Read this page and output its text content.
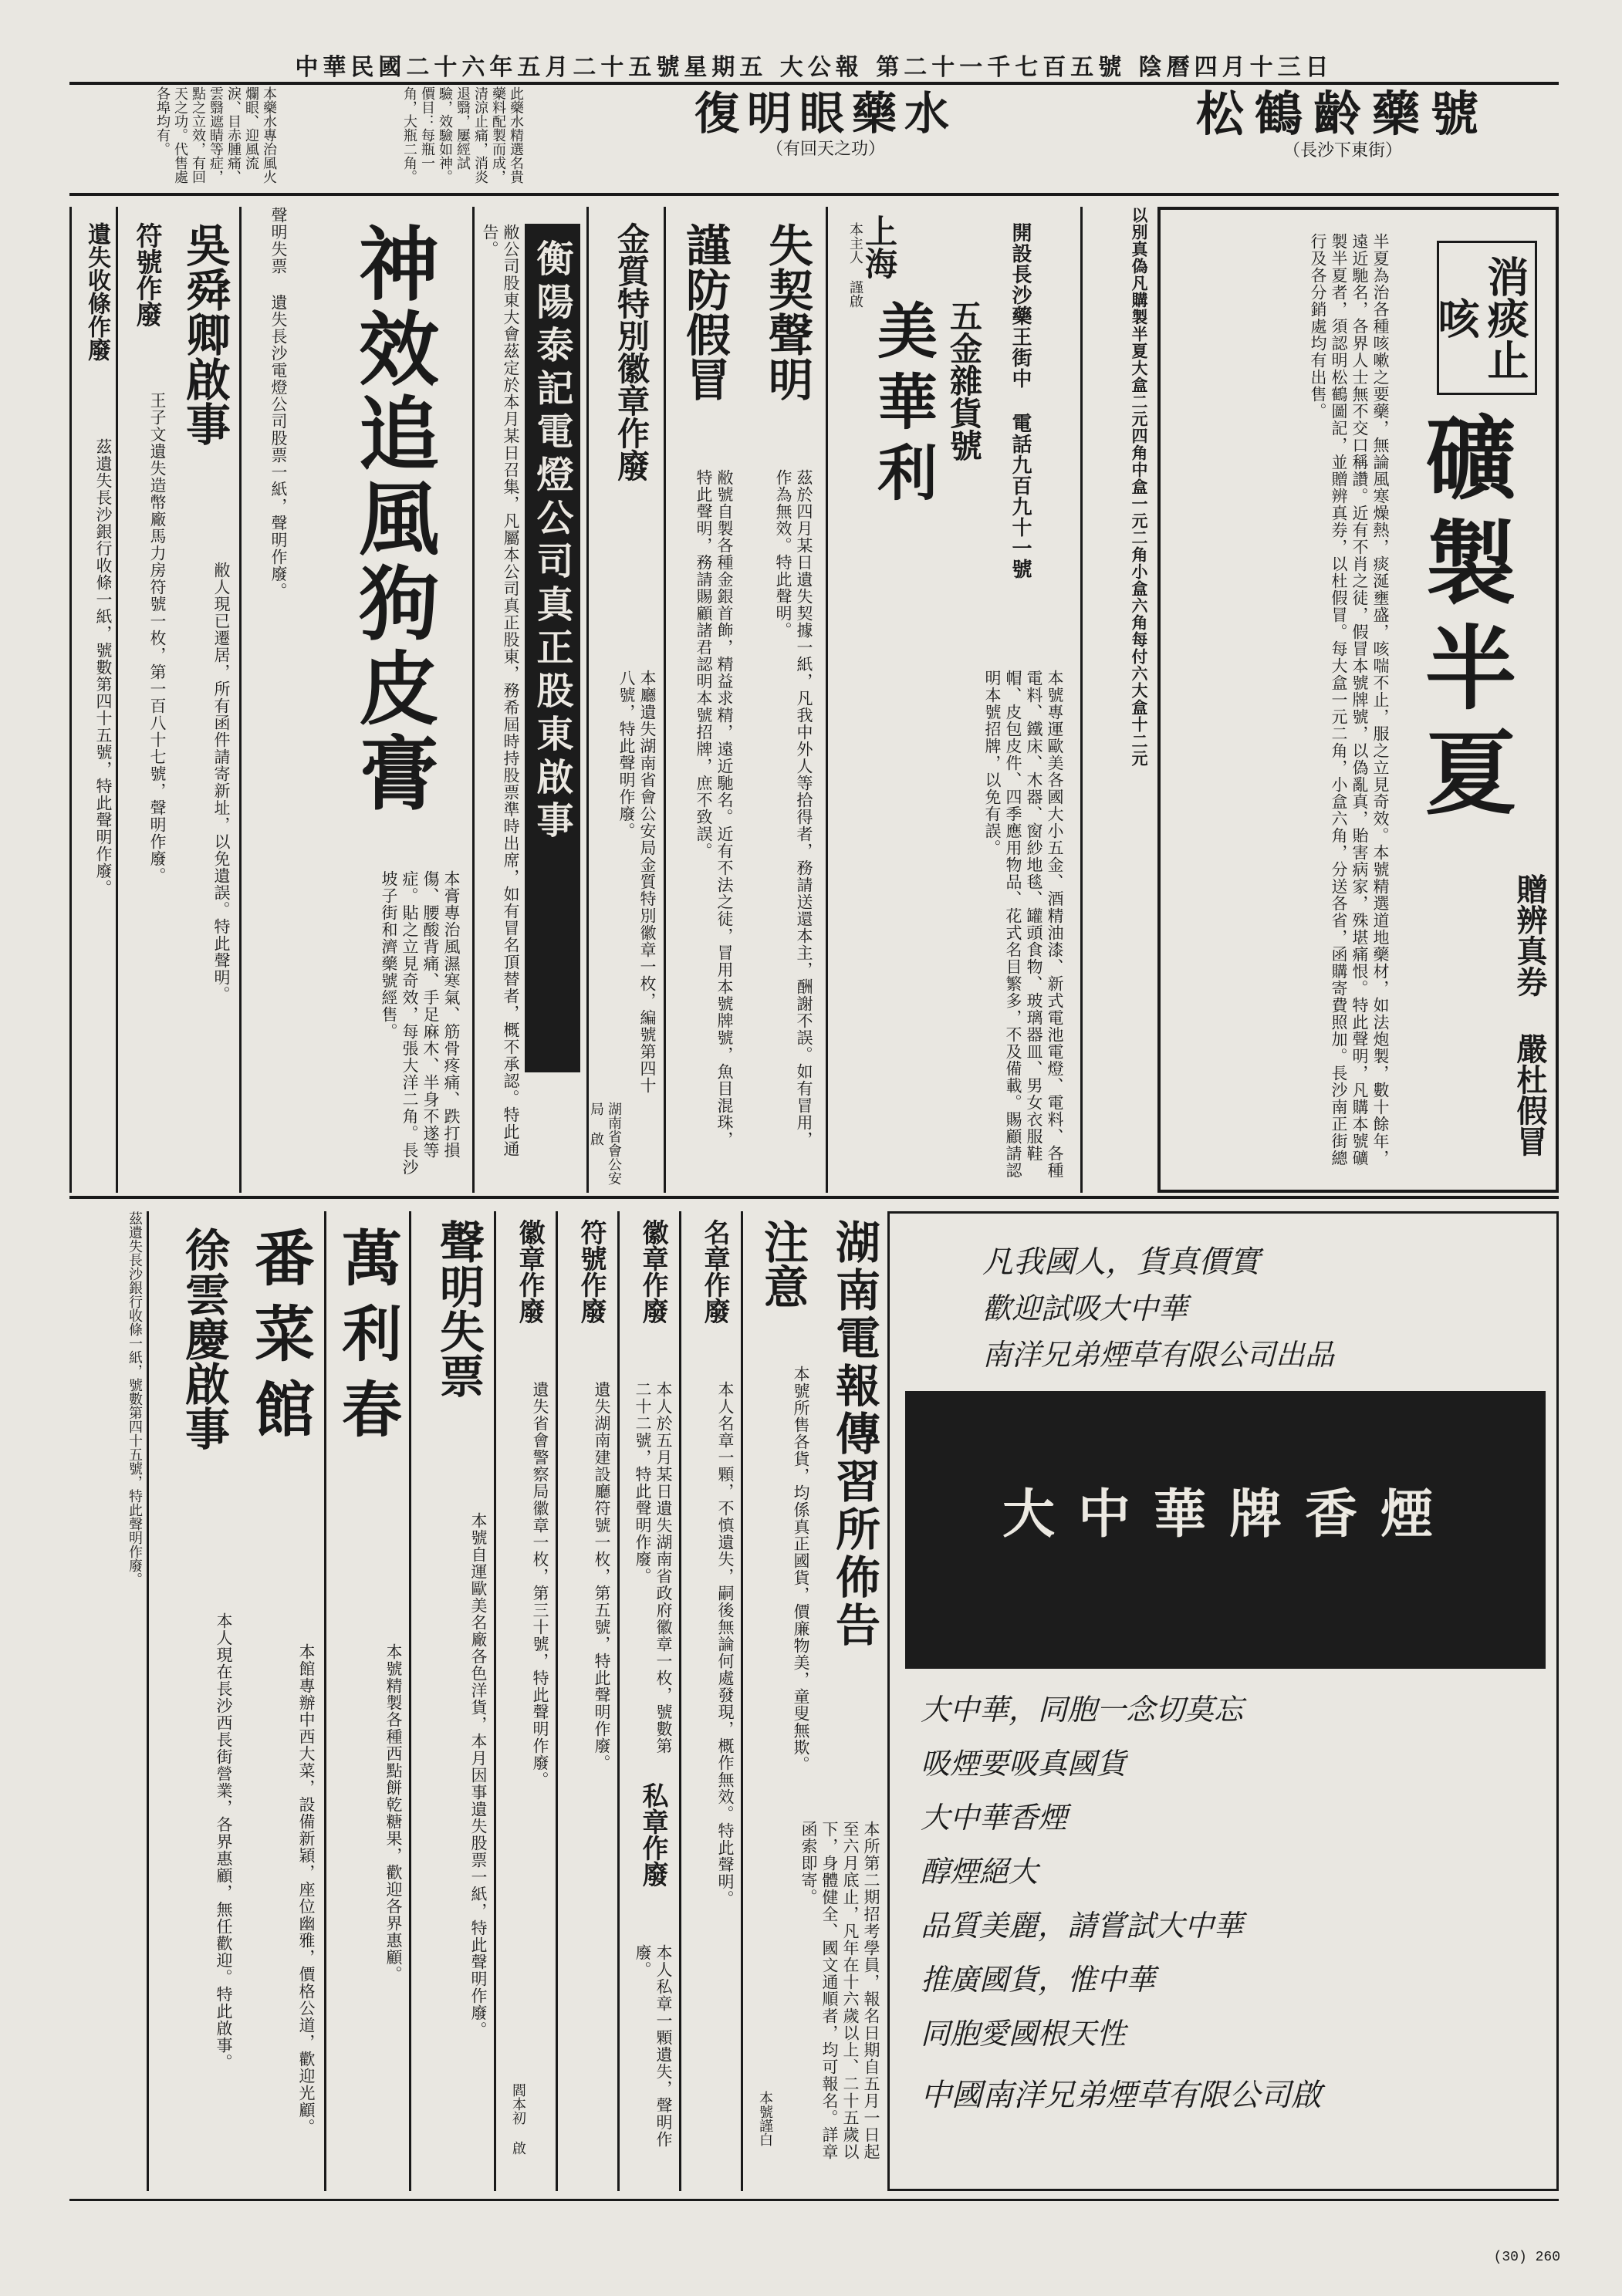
中華民國二十六年五月二十五號星期五 大公報 第二十一千七百五號 陰曆四月十三日
松鶴齡藥號
（長沙下東街）
復明眼藥水
（有回天之功）
本藥水專治風火爛眼、迎風流淚、目赤腫痛、雲翳遮睛等症，點之立效，有回天之功。代售處各埠均有。	此藥水精選名貴藥料配製而成，清涼止痛，消炎退翳，屢經試驗，效驗如神。價目：每瓶一角，大瓶二角。
消痰止咳
礦製半夏
贈辨真券 嚴杜假冒
半夏為治各種咳嗽之要藥，無論風寒燥熱，痰涎壅盛，咳喘不止，服之立見奇效。本號精選道地藥材，如法炮製，數十餘年，遠近馳名，各界人士無不交口稱讚。近有不肖之徒，假冒本號牌號，以偽亂真，貽害病家，殊堪痛恨。特此聲明，凡購本號礦製半夏者，須認明松鶴圖記，並贈辨真券，以杜假冒。每大盒一元二角，小盒六角，分送各省，函購寄費照加。長沙南正街總行及各分銷處均有出售。
以別真偽凡購製半夏大盒二元四角中盒一元二角小盒六角每付六大盒十二元
上海
美華利 五金雜貨號	開設長沙藥王街中 電話九百九十一號
本號專運歐美各國大小五金、酒精油漆、新式電池電燈、電料、各種電料、鐵床、木器、窗紗地毯、罐頭食物、玻璃器皿、男女衣服鞋帽、皮包皮件、四季應用物品、花式名目繁多，不及備載。賜顧請認明本號招牌，以免有誤。
本主人 謹啟
失契聲明
茲於四月某日遺失契據一紙，凡我中外人等拾得者，務請送還本主，酬謝不誤。如有冒用，作為無效。特此聲明。
謹防假冒
敝號自製各種金銀首飾，精益求精，遠近馳名。近有不法之徒，冒用本號牌號，魚目混珠，特此聲明，務請賜顧諸君認明本號招牌，庶不致誤。
金質特別徽章作廢
本廳遺失湖南省會公安局金質特別徽章一枚，編號第四十八號，特此聲明作廢。
湖南省會公安局 啟
衡陽泰記電燈公司真正股東啟事
敝公司股東大會茲定於本月某日召集，凡屬本公司真正股東，務希屆時持股票準時出席，如有冒名頂替者，概不承認。特此通告。
神效追風狗皮膏
本膏專治風濕寒氣、筋骨疼痛、跌打損傷、腰酸背痛、手足麻木、半身不遂等症。貼之立見奇效，每張大洋二角。長沙坡子街和濟藥號經售。
聲明失票 遺失長沙電燈公司股票一紙，聲明作廢。
吳舜卿啟事
敝人現已遷居，所有函件請寄新址，以免遺誤。特此聲明。
符號作廢
王子文遺失造幣廠馬力房符號一枚，第一百八十七號，聲明作廢。
遺失收條作廢
茲遺失長沙銀行收條一紙，號數第四十五號，特此聲明作廢。
大中華牌香煙
凡我國人，貨真價實
歡迎試吸大中華
南洋兄弟煙草有限公司出品
大中華，同胞一念切莫忘
吸煙要吸真國貨
大中華香煙
醇煙絕大
品質美麗，請嘗試大中華
推廣國貨，惟中華
同胞愛國根天性
中國南洋兄弟煙草有限公司啟
湖南電報傳習所佈告
本所第二期招考學員，報名日期自五月一日起至六月底止，凡年在十六歲以上、二十五歲以下，身體健全、國文通順者，均可報名。詳章函索即寄。
注意
本號所售各貨，均係真正國貨，價廉物美，童叟無欺。
本號謹白
名章作廢
本人名章一顆，不慎遺失，嗣後無論何處發現，概作無效。特此聲明。
徽章作廢
本人於五月某日遺失湖南省政府徽章一枚，號數第二十二號，特此聲明作廢。
私章作廢
本人私章一顆遺失，聲明作廢。
符號作廢
遺失湖南建設廳符號一枚，第五號，特此聲明作廢。
徽章作廢
遺失省會警察局徽章一枚，第三十號，特此聲明作廢。
閻本初 啟
聲明失票
本號自運歐美名廠各色洋貨，本月因事遺失股票一紙，特此聲明作廢。
萬利春
本號精製各種西點餅乾糖果，歡迎各界惠顧。
番菜館
本館專辦中西大菜，設備新穎，座位幽雅，價格公道，歡迎光顧。
徐雲慶啟事
本人現在長沙西長街營業，各界惠顧，無任歡迎。特此啟事。
茲遺失長沙銀行收條一紙，號數第四十五號，特此聲明作廢。
(30) 260
